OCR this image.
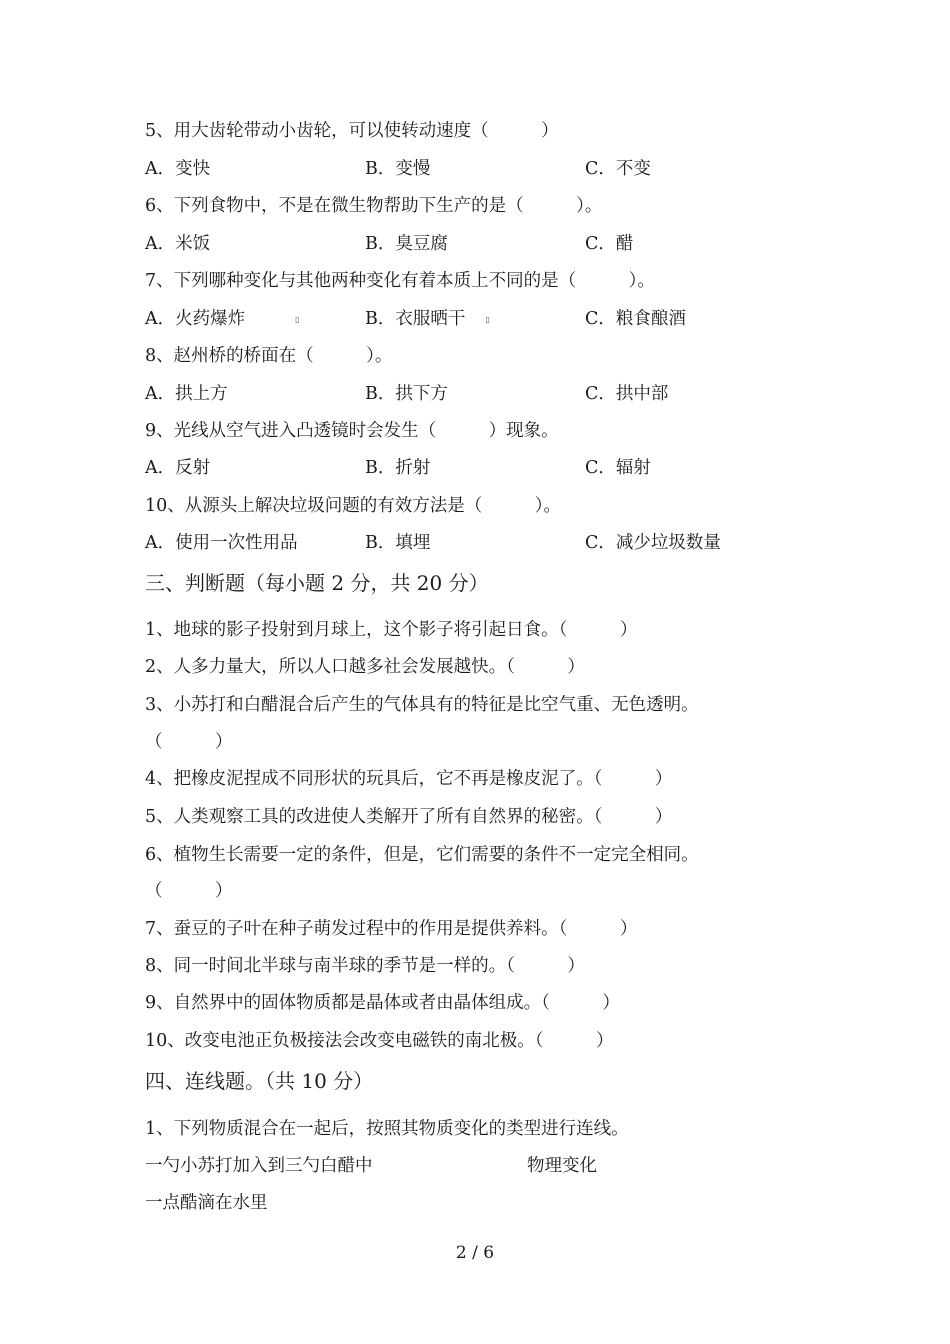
5、用大齿轮带动小齿轮，可以使转动速度（　　　）
A．变快	B．变慢	C．不变
6、下列食物中，不是在微生物帮助下生产的是（　　　）。
A．米饭	B．臭豆腐	C．醋
7、下列哪种变化与其他两种变化有着本质上不同的是（　　　）。
A．火药爆炸	▯	B．衣服晒干	▯	C．粮食酿酒
8、赵州桥的桥面在（　　　）。
A．拱上方	B．拱下方	C．拱中部
9、光线从空气进入凸透镜时会发生（　　　）现象。
A．反射	B．折射	C．辐射
10、从源头上解决垃圾问题的有效方法是（　　　）。
A．使用一次性用品	B．填埋	C．减少垃圾数量
三、判断题（每小题 2 分，共 20 分）
1、地球的影子投射到月球上，这个影子将引起日食。（　　　）
2、人多力量大，所以人口越多社会发展越快。（　　　）
3、小苏打和白醋混合后产生的气体具有的特征是比空气重、无色透明。
（　　　）
4、把橡皮泥捏成不同形状的玩具后，它不再是橡皮泥了。（　　　）
5、人类观察工具的改进使人类解开了所有自然界的秘密。（　　　）
6、植物生长需要一定的条件，但是，它们需要的条件不一定完全相同。
（　　　）
7、蚕豆的子叶在种子萌发过程中的作用是提供养料。（　　　）
8、同一时间北半球与南半球的季节是一样的。（　　　）
9、自然界中的固体物质都是晶体或者由晶体组成。（　　　）
10、改变电池正负极接法会改变电磁铁的南北极。（　　　）
四、连线题。（共 10 分）
1、下列物质混合在一起后，按照其物质变化的类型进行连线。
一勺小苏打加入到三勺白醋中	物理变化
一点酷滴在水里
2 / 6
